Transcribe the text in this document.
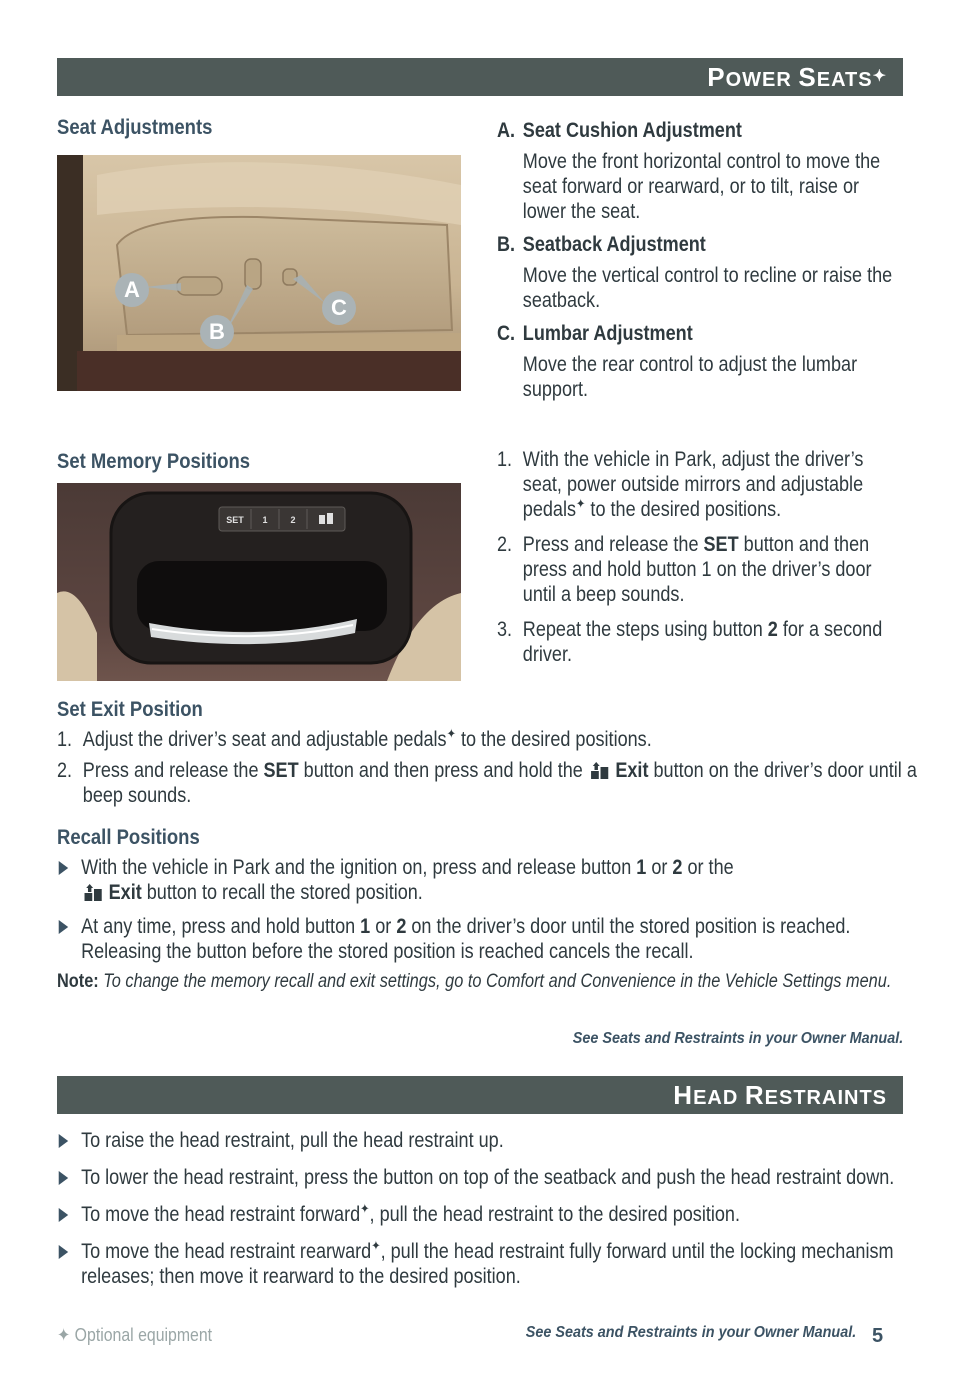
POWER SEATS✦
Seat Adjustments
A
B
C
A. Seat Cushion Adjustment
Move the front horizontal control to move the seat forward or rearward, or to tilt, raise or lower the seat.
B. Seatback Adjustment
Move the vertical control to recline or raise the seatback.
C. Lumbar Adjustment
Move the rear control to adjust the lumbar support.
Set Memory Positions
SET 1	2
1. With the vehicle in Park, adjust the driver’s seat, power outside mirrors and adjustable pedals✦ to the desired positions.
2. Press and release the SET button and then press and hold button 1 on the driver’s door until a beep sounds.
3. Repeat the steps using button 2 for a second driver.
Set Exit Position
1. Adjust the driver’s seat and adjustable pedals✦ to the desired positions.
2. Press and release the SET button and then press and hold the Exit button on the driver’s door until a beep sounds.
Recall Positions
With the vehicle in Park and the ignition on, press and release button 1 or 2 or the
Exit button to recall the stored position.
At any time, press and hold button 1 or 2 on the driver’s door until the stored position is reached. Releasing the button before the stored position is reached cancels the recall.
Note: To change the memory recall and exit settings, go to Comfort and Convenience in the Vehicle Settings menu.
See Seats and Restraints in your Owner Manual.
HEAD RESTRAINTS
To raise the head restraint, pull the head restraint up.
To lower the head restraint, press the button on top of the seatback and push the head restraint down.
To move the head restraint forward✦, pull the head restraint to the desired position.
To move the head restraint rearward✦, pull the head restraint fully forward until the locking mechanism releases; then move it rearward to the desired position.
See Seats and Restraints in your Owner Manual.
✦ Optional equipment	5
